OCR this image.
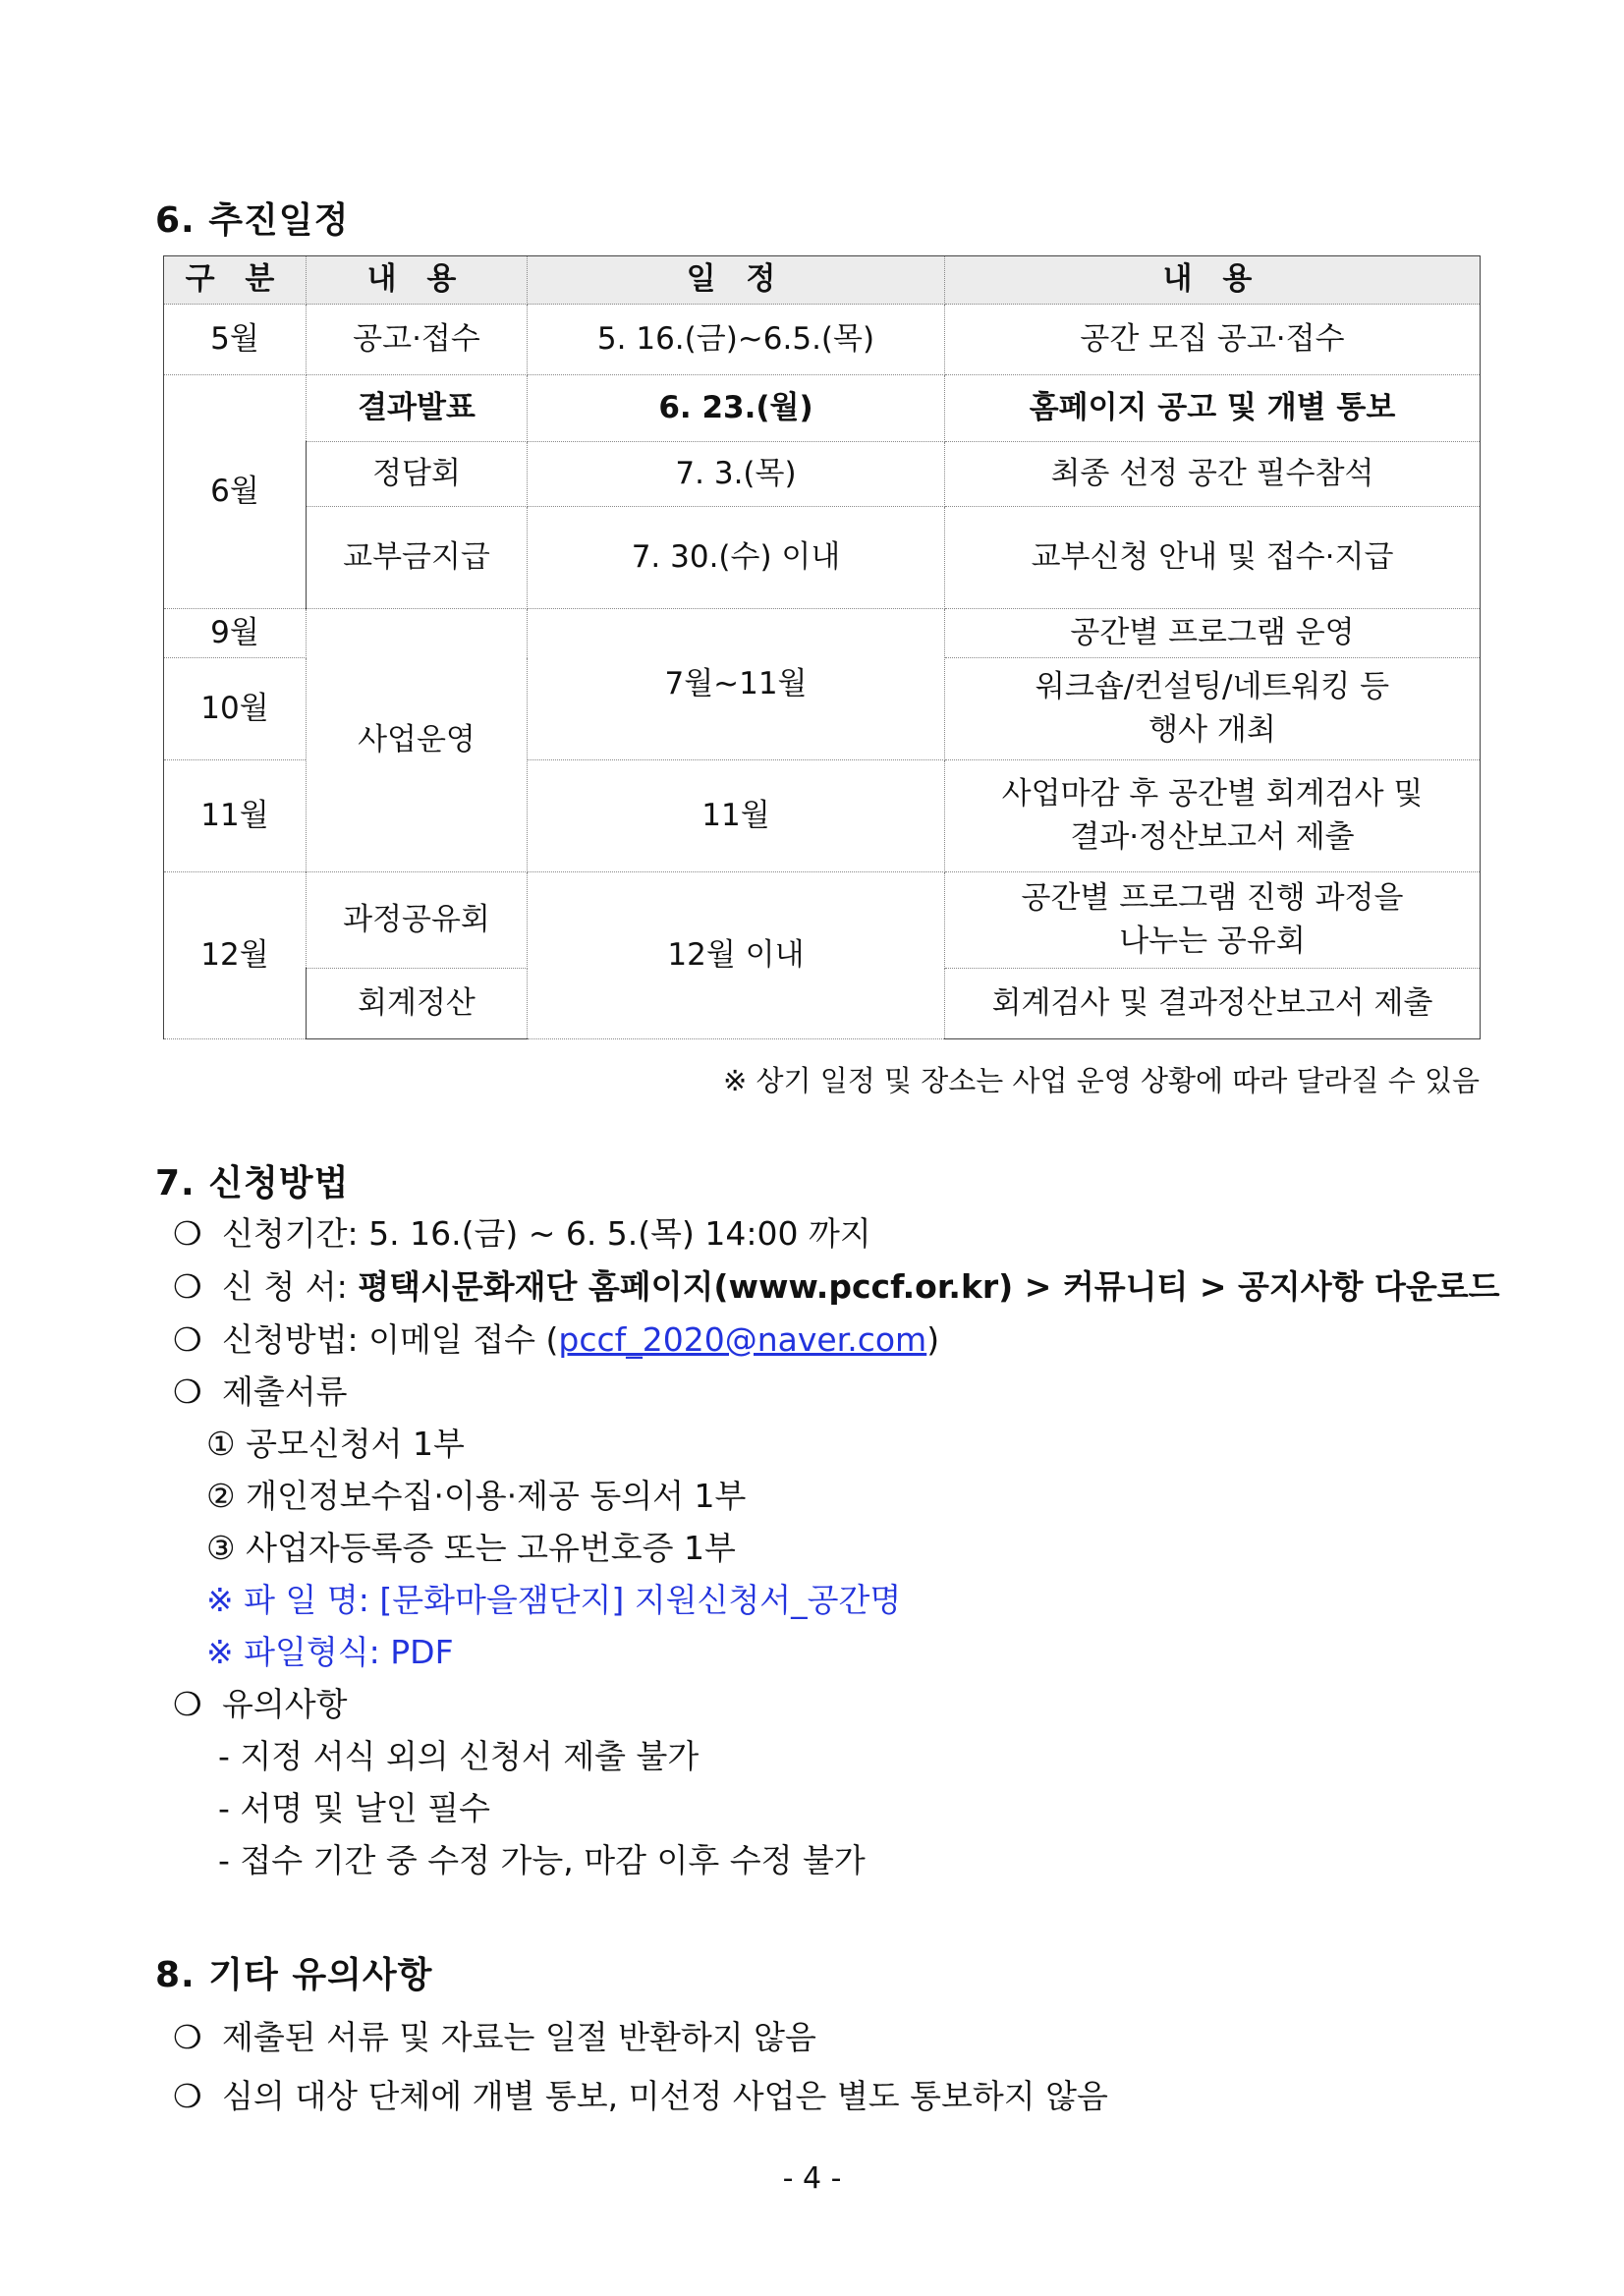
6. 추진일정
구 분	내 용	일 정	내 용
5월	공고·접수	5. 16.(금)~6.5.(목)	공간 모집 공고·접수
6월	결과발표	6. 23.(월)	홈페이지 공고 및 개별 통보
	정담회	7. 3.(목)	최종 선정 공간 필수참석
	교부금지급	7. 30.(수) 이내	교부신청 안내 및 접수·지급
9월	사업운영	7월~11월	공간별 프로그램 운영
10월			워크숍/컨설팅/네트워킹 등
행사 개최

11월		11월	사업마감 후 공간별 회계검사 및
결과·정산보고서 제출

12월	과정공유회	12월 이내	공간별 프로그램 진행 과정을
나누는 공유회

	회계정산		회계검사 및 결과정산보고서 제출
※ 상기 일정 및 장소는 사업 운영 상황에 따라 달라질 수 있음
7. 신청방법

❍ 신청기간: 5. 16.(금) ~ 6. 5.(목) 14:00 까지

❍ 신 청 서: 평택시문화재단 홈페이지(www.pccf.or.kr) > 커뮤니티 > 공지사항 다운로드

❍ 신청방법: 이메일 접수 (pccf_2020@naver.com)

❍ 제출서류

① 공모신청서 1부

② 개인정보수집·이용·제공 동의서 1부

③ 사업자등록증 또는 고유번호증 1부

※ 파 일 명: [문화마을잼단지] 지원신청서_공간명

※ 파일형식: PDF

❍ 유의사항

- 지정 서식 외의 신청서 제출 불가

- 서명 및 날인 필수

- 접수 기간 중 수정 가능, 마감 이후 수정 불가

8. 기타 유의사항

❍ 제출된 서류 및 자료는 일절 반환하지 않음

❍ 심의 대상 단체에 개별 통보, 미선정 사업은 별도 통보하지 않음

- 4 -
